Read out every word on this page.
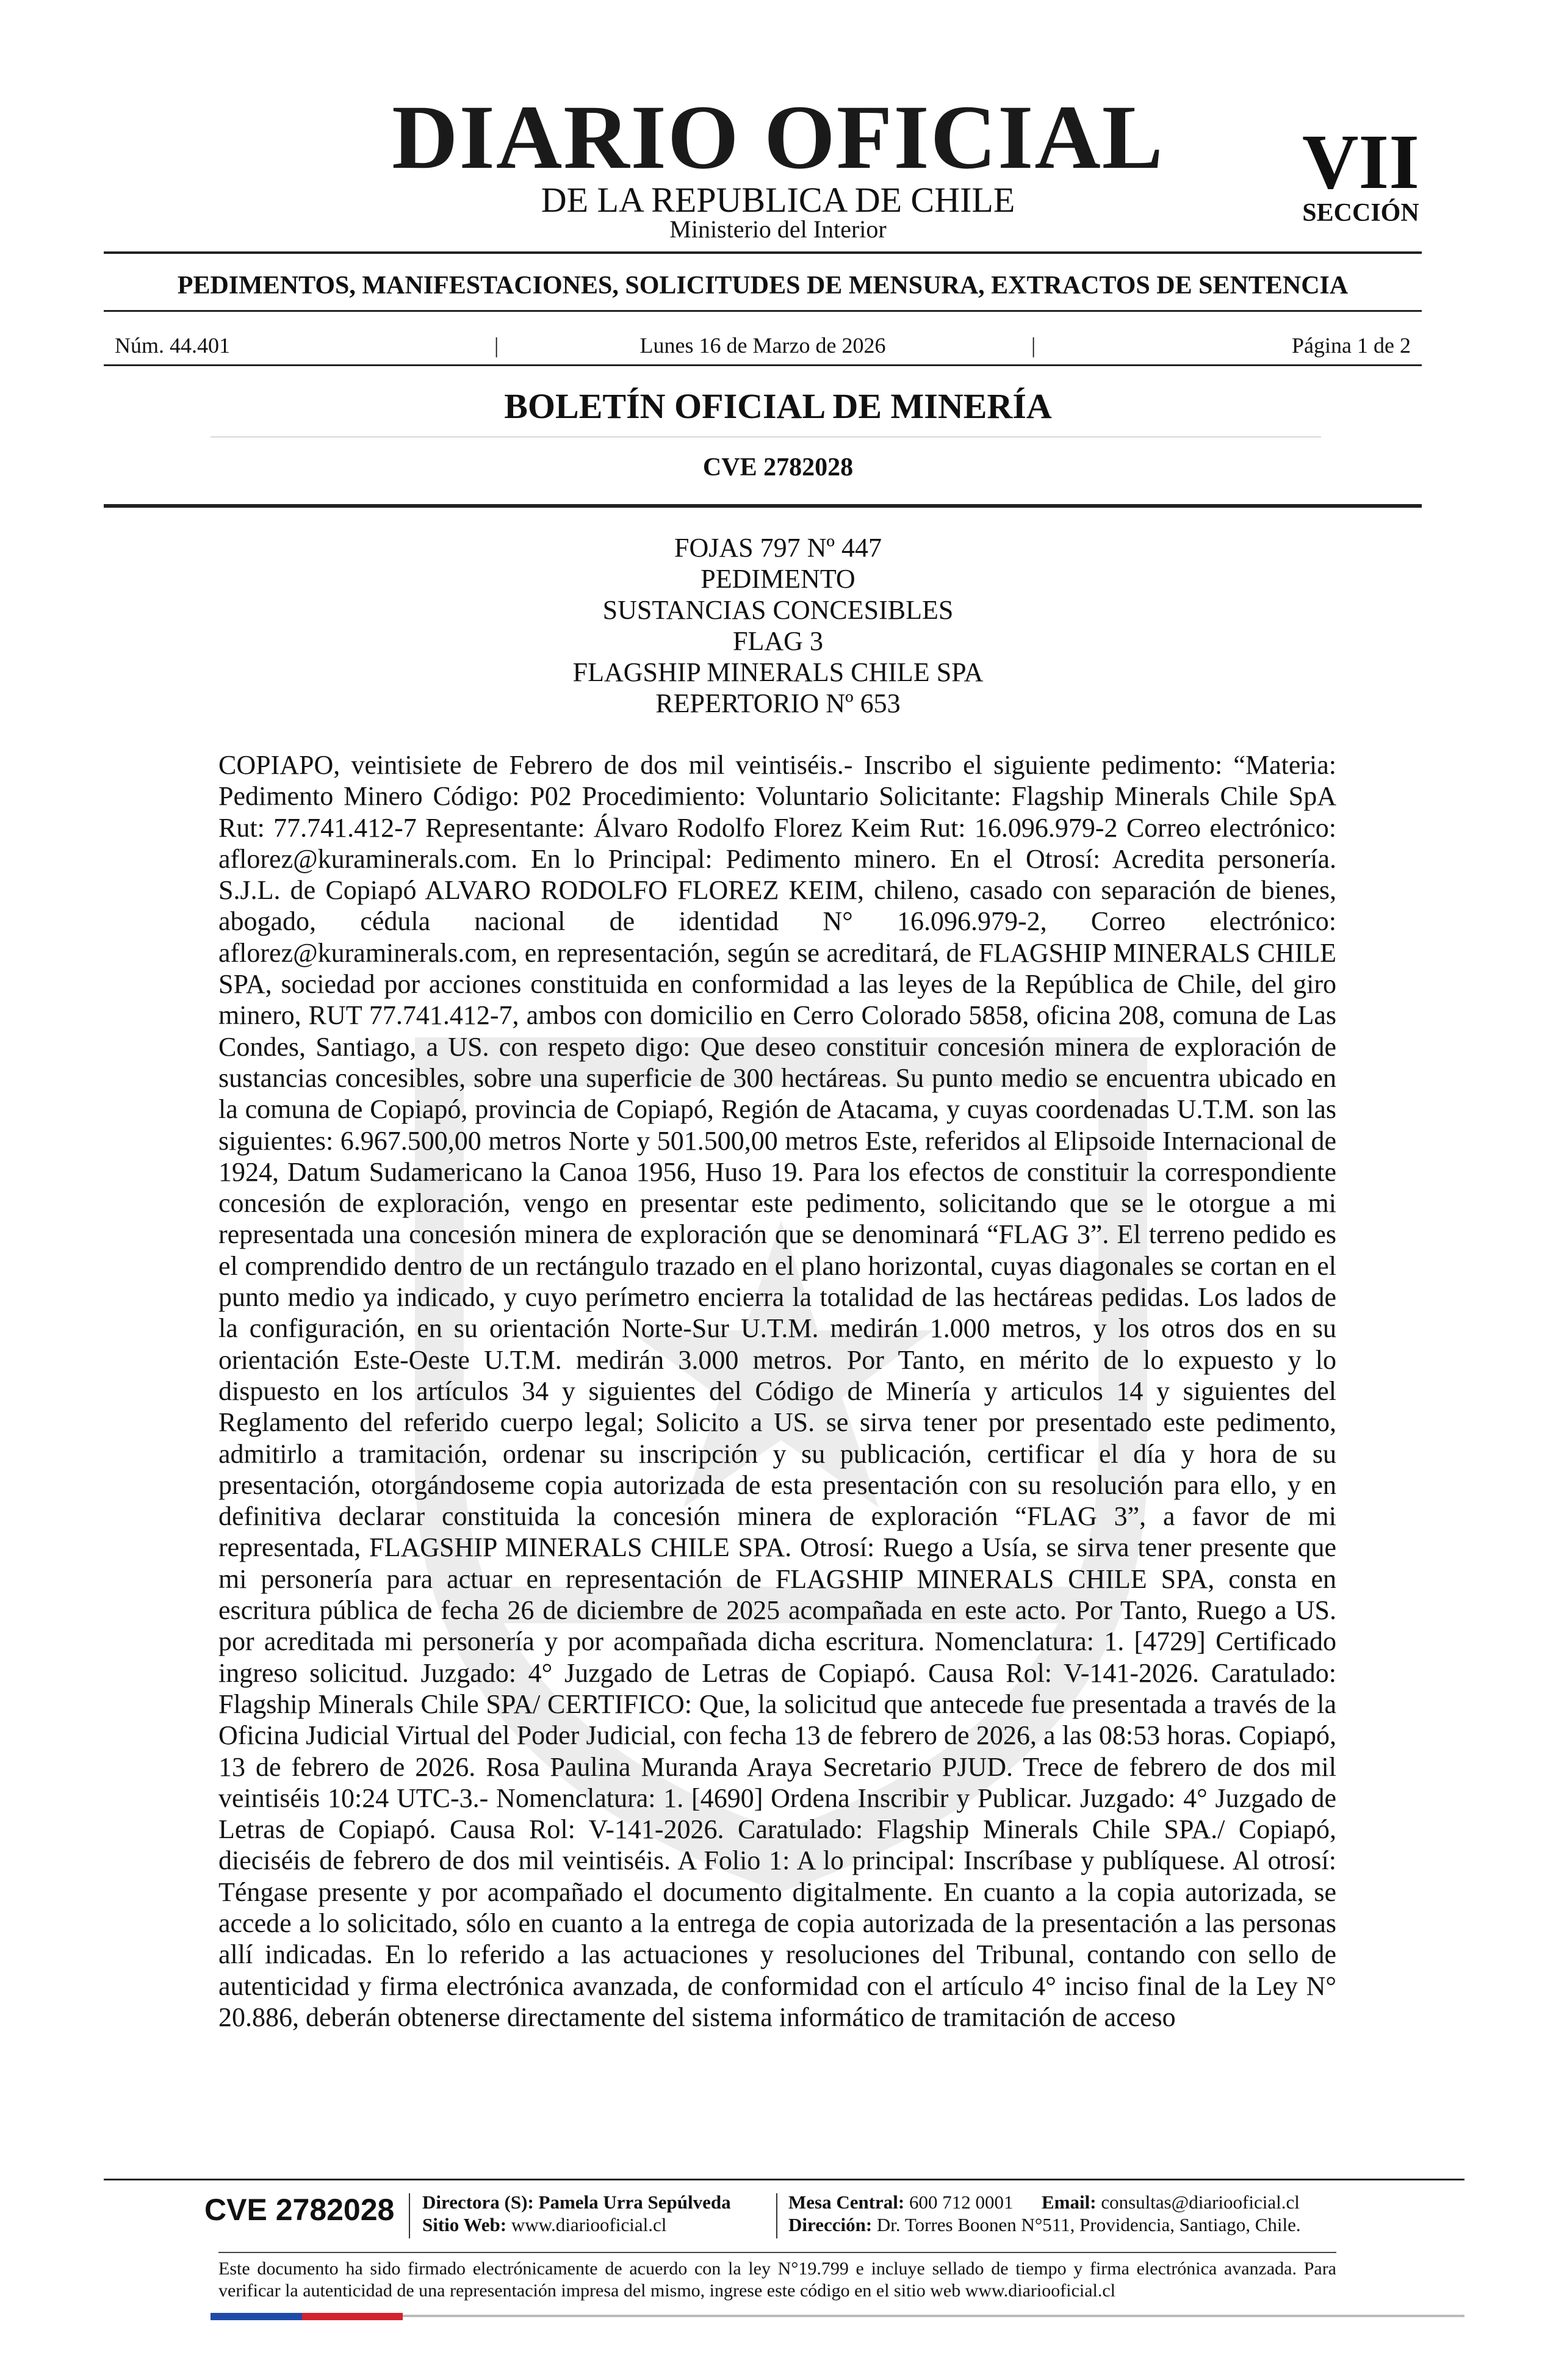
DIARIO OFICIAL
DE LA REPUBLICA DE CHILE
Ministerio del Interior
VII
SECCIÓN
PEDIMENTOS, MANIFESTACIONES, SOLICITUDES DE MENSURA, EXTRACTOS DE SENTENCIA
Núm. 44.401	|	Lunes 16 de Marzo de 2026	|	Página 1 de 2
BOLETÍN OFICIAL DE MINERÍA
CVE 2782028
FOJAS 797 Nº 447
PEDIMENTO
SUSTANCIAS CONCESIBLES
FLAG 3
FLAGSHIP MINERALS CHILE SPA
REPERTORIO Nº 653
COPIAPO, veintisiete de Febrero de dos mil veintiséis.- Inscribo el siguiente pedimento: “Materia: Pedimento Minero Código: P02 Procedimiento: Voluntario Solicitante: Flagship Minerals Chile SpA Rut: 77.741.412-7 Representante: Álvaro Rodolfo Florez Keim Rut: 16.096.979-2 Correo electrónico: aflorez@kuraminerals.com. En lo Principal: Pedimento minero. En el Otrosí: Acredita personería. S.J.L. de Copiapó ALVARO RODOLFO FLOREZ KEIM, chileno, casado con separación de bienes, abogado, cédula nacional de identidad N° 16.096.979-2, Correo electrónico: aflorez@kuraminerals.com, en representación, según se acreditará, de FLAGSHIP MINERALS CHILE SPA, sociedad por acciones constituida en conformidad a las leyes de la República de Chile, del giro minero, RUT 77.741.412-7, ambos con domicilio en Cerro Colorado 5858, oficina 208, comuna de Las Condes, Santiago, a US. con respeto digo: Que deseo constituir concesión minera de exploración de sustancias concesibles, sobre una superficie de 300 hectáreas. Su punto medio se encuentra ubicado en la comuna de Copiapó, provincia de Copiapó, Región de Atacama, y cuyas coordenadas U.T.M. son las siguientes: 6.967.500,00 metros Norte y 501.500,00 metros Este, referidos al Elipsoide Internacional de 1924, Datum Sudamericano la Canoa 1956, Huso 19. Para los efectos de constituir la correspondiente concesión de exploración, vengo en presentar este pedimento, solicitando que se le otorgue a mi representada una concesión minera de exploración que se denominará “FLAG 3”. El terreno pedido es el comprendido dentro de un rectángulo trazado en el plano horizontal, cuyas diagonales se cortan en el punto medio ya indicado, y cuyo perímetro encierra la totalidad de las hectáreas pedidas. Los lados de la configuración, en su orientación Norte-Sur U.T.M. medirán 1.000 metros, y los otros dos en su orientación Este-Oeste U.T.M. medirán 3.000 metros. Por Tanto, en mérito de lo expuesto y lo dispuesto en los artículos 34 y siguientes del Código de Minería y articulos 14 y siguientes del Reglamento del referido cuerpo legal; Solicito a US. se sirva tener por presentado este pedimento, admitirlo a tramitación, ordenar su inscripción y su publicación, certificar el día y hora de su presentación, otorgándoseme copia autorizada de esta presentación con su resolución para ello, y en definitiva declarar constituida la concesión minera de exploración “FLAG 3”, a favor de mi representada, FLAGSHIP MINERALS CHILE SPA. Otrosí: Ruego a Usía, se sirva tener presente que mi personería para actuar en representación de FLAGSHIP MINERALS CHILE SPA, consta en escritura pública de fecha 26 de diciembre de 2025 acompañada en este acto. Por Tanto, Ruego a US. por acreditada mi personería y por acompañada dicha escritura. Nomenclatura: 1. [4729] Certificado ingreso solicitud. Juzgado: 4° Juzgado de Letras de Copiapó. Causa Rol: V-141-2026. Caratulado: Flagship Minerals Chile SPA/ CERTIFICO: Que, la solicitud que antecede fue presentada a través de la Oficina Judicial Virtual del Poder Judicial, con fecha 13 de febrero de 2026, a las 08:53 horas. Copiapó, 13 de febrero de 2026. Rosa Paulina Muranda Araya Secretario PJUD. Trece de febrero de dos mil veintiséis 10:24 UTC-3.- Nomenclatura: 1. [4690] Ordena Inscribir y Publicar. Juzgado: 4° Juzgado de Letras de Copiapó. Causa Rol: V-141-2026. Caratulado: Flagship Minerals Chile SPA./ Copiapó, dieciséis de febrero de dos mil veintiséis. A Folio 1: A lo principal: Inscríbase y publíquese. Al otrosí: Téngase presente y por acompañado el documento digitalmente. En cuanto a la copia autorizada, se accede a lo solicitado, sólo en cuanto a la entrega de copia autorizada de la presentación a las personas allí indicadas. En lo referido a las actuaciones y resoluciones del Tribunal, contando con sello de autenticidad y firma electrónica avanzada, de conformidad con el artículo 4° inciso final de la Ley N° 20.886, deberán obtenerse directamente del sistema informático de tramitación de acceso
CVE 2782028 Directora (S): Pamela Urra Sepúlveda
Sitio Web: www.diariooficial.cl
Mesa Central: 600 712 0001 Email: consultas@diariooficial.cl
Dirección: Dr. Torres Boonen N°511, Providencia, Santiago, Chile.
Este documento ha sido firmado electrónicamente de acuerdo con la ley N°19.799 e incluye sellado de tiempo y firma electrónica avanzada. Para verificar la autenticidad de una representación impresa del mismo, ingrese este código en el sitio web www.diariooficial.cl
